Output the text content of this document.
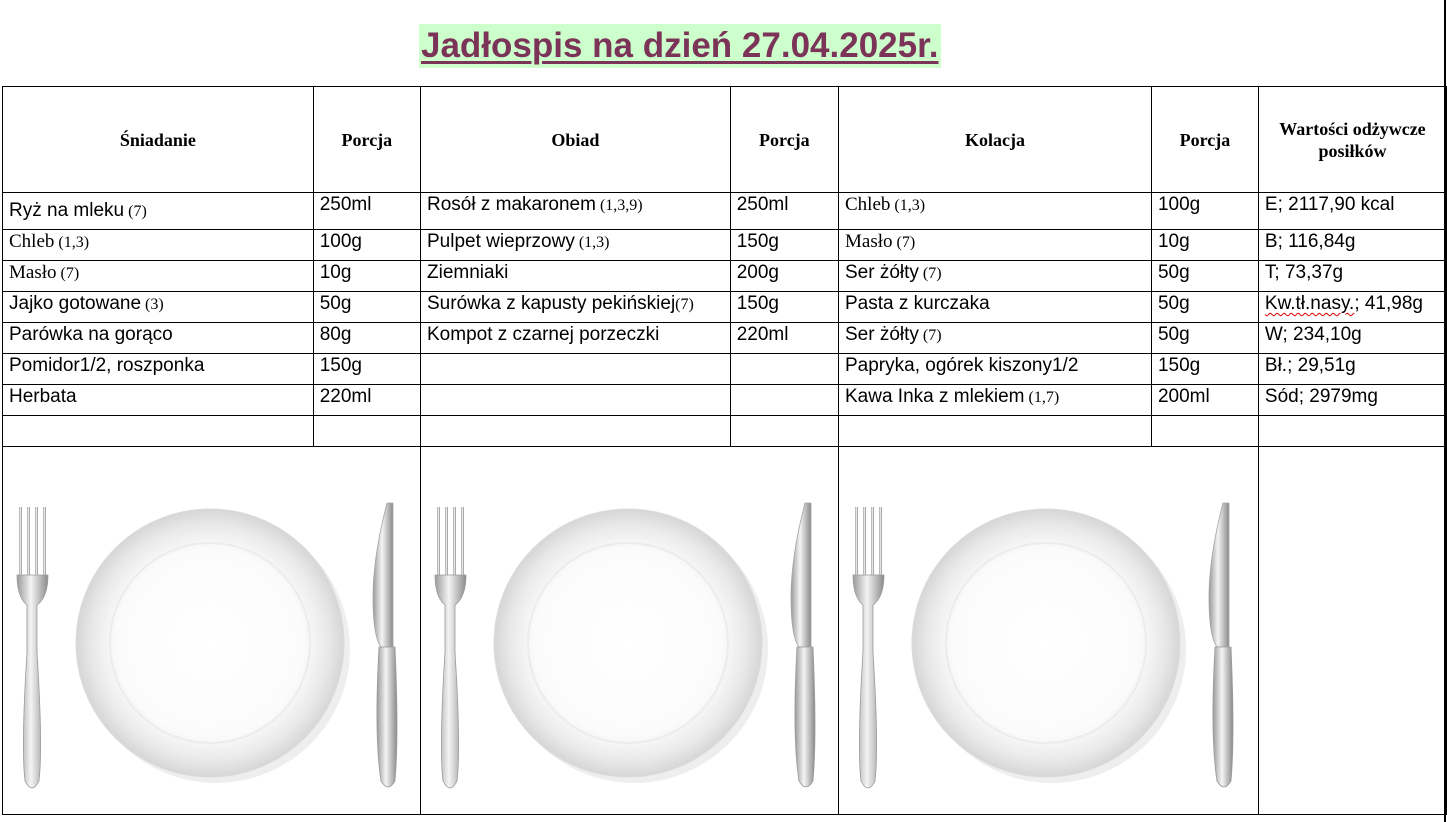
Jadłospis na dzień 27.04.2025r.
Śniadanie	Porcja	Obiad	Porcja	Kolacja	Porcja	Wartości odżywcze posiłków
Ryż na mleku (7)	250ml	Rosół z makaronem (1,3,9)	250ml	Chleb (1,3)	100g	E; 2117,90 kcal
Chleb (1,3)	100g	Pulpet wieprzowy (1,3)	150g	Masło (7)	10g	B; 116,84g
Masło (7)	10g	Ziemniaki	200g	Ser żółty (7)	50g	T; 73,37g
Jajko gotowane (3)	50g	Surówka z kapusty pekińskiej(7)	150g	Pasta z kurczaka	50g	Kw.tł.nasy.; 41,98g
Parówka na gorąco	80g	Kompot z czarnej porzeczki	220ml	Ser żółty (7)	50g	W; 234,10g
Pomidor1/2, roszponka	150g			Papryka, ogórek kiszony1/2	150g	Bł.; 29,51g
Herbata	220ml			Kawa Inka z mlekiem (1,7)	200ml	Sód; 2979mg
